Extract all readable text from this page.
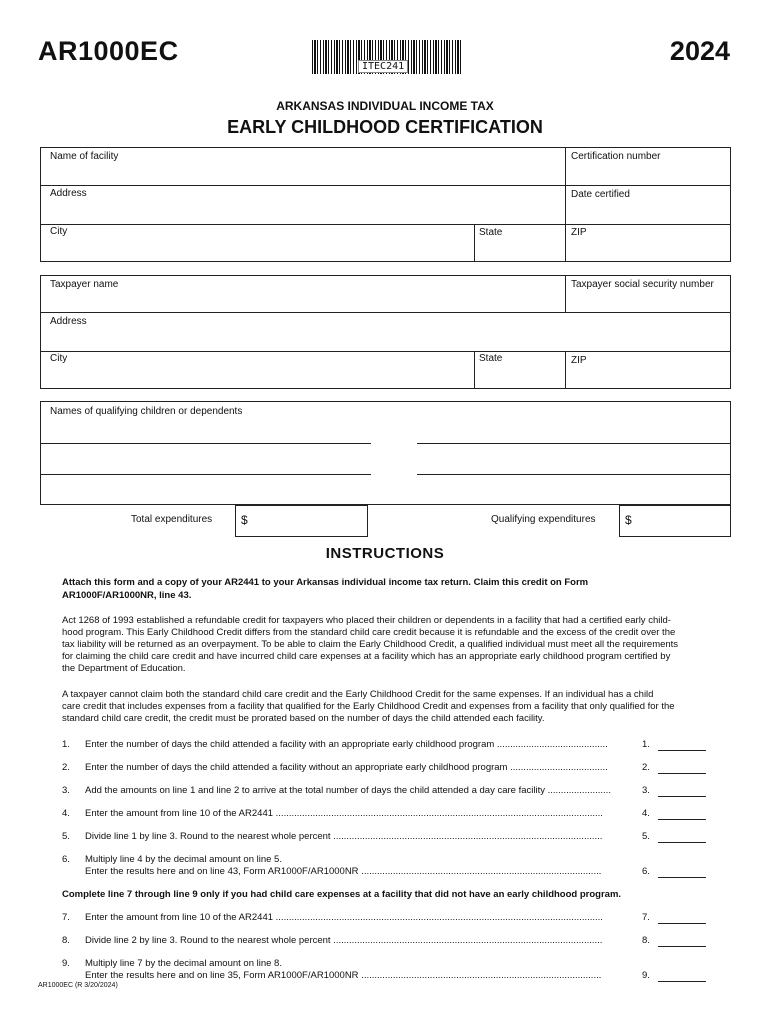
AR1000EC
ITEC241
2024
ARKANSAS INDIVIDUAL INCOME TAX
EARLY CHILDHOOD CERTIFICATION
Name of facility	Certification number
Address	Date certified
City	State	ZIP
Taxpayer name	Taxpayer social security number
Address
City	State	ZIP
Names of qualifying children or dependents
Total expenditures $	Qualifying expenditures $
INSTRUCTIONS
Attach this form and a copy of your AR2441 to your Arkansas individual income tax return. Claim this credit on Form
AR1000F/AR1000NR, line 43.
Act 1268 of 1993 established a refundable credit for taxpayers who placed their children or dependents in a facility that had a certified early child-
hood program. This Early Childhood Credit differs from the standard child care credit because it is refundable and the excess of the credit over the
tax liability will be returned as an overpayment. To be able to claim the Early Childhood Credit, a qualified individual must meet all the requirements
for claiming the child care credit and have incurred child care expenses at a facility which has an appropriate early childhood program certified by
the Department of Education.
A taxpayer cannot claim both the standard child care credit and the Early Childhood Credit for the same expenses. If an individual has a child
care credit that includes expenses from a facility that qualified for the Early Childhood Credit and expenses from a facility that only qualified for the
standard child care credit, the credit must be prorated based on the number of days the child attended each facility.
1. Enter the number of days the child attended a facility with an appropriate early childhood program ..........................................	1.
2. Enter the number of days the child attended a facility without an appropriate early childhood program .....................................	2.
3. Add the amounts on line 1 and line 2 to arrive at the total number of days the child attended a day care facility ........................	3.
4. Enter the amount from line 10 of the AR2441 ............................................................................................................................	4.
5. Divide line 1 by line 3. Round to the nearest whole percent ......................................................................................................	5.
6. Multiply line 4 by the decimal amount on line 5.
Enter the results here and on line 43, Form AR1000F/AR1000NR ...........................................................................................	6.
Complete line 7 through line 9 only if you had child care expenses at a facility that did not have an early childhood program.
7. Enter the amount from line 10 of the AR2441 ............................................................................................................................	7.
8. Divide line 2 by line 3. Round to the nearest whole percent ......................................................................................................	8.
9. Multiply line 7 by the decimal amount on line 8.
Enter the results here and on line 35, Form AR1000F/AR1000NR ...........................................................................................	9.
AR1000EC (R 3/20/2024)
